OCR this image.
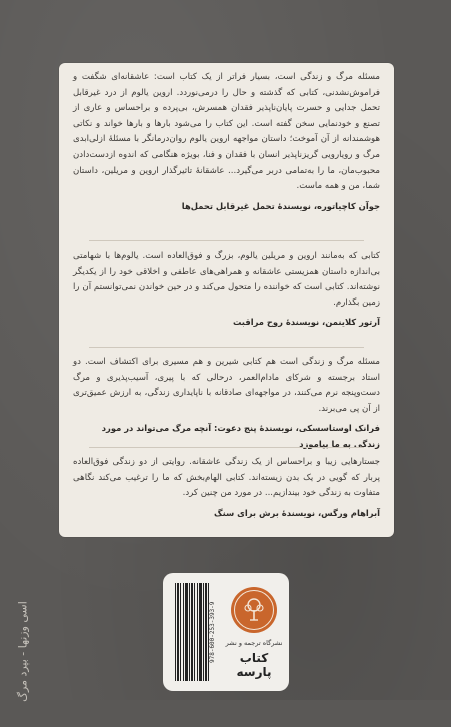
اسی وزنها - بپرد مرگ
مسئله مرگ و زندگی است، بسیار فراتر از یک کتاب است: عاشقانه‌ای شگفت و فراموش‌نشدنی، کتابی که گذشته و حال را درمی‌نوردد. اروین یالوم از درد غیرقابل تحمل جدایی و حسرت پایان‌ناپذیر فقدان همسرش، بی‌پرده و براحساس و عاری از تصنع و خودنمایی سخن گفته است. این کتاب را می‌شود بارها و بارها خواند و نکاتی هوشمندانه از آن آموخت؛ داستان مواجهه اروین یالوم روان‌درمانگر با مسئلهٔ ازلی‌ابدی مرگ و رویارویی گریزناپذیر انسان با فقدان و فنا، بویژه هنگامی که اندوه ازدست‌دادن محبوب‌مان، ما را به‌تمامی دربر می‌گیرد... عاشقانهٔ تاثیرگذار اروین و مریلین، داستان شما، من و همه ماست.
جوآن کاچیاتوره، نویسندهٔ تحمل غیرقابل تحمل‌ها
کتابی که به‌مانند اروین و مریلین یالوم، بزرگ و فوق‌العاده است. یالوم‌ها با شهامتی بی‌اندازه داستان همزیستی عاشقانه و همراهی‌های عاطفی و اخلاقی خود را از یکدیگر نوشته‌اند. کتابی است که خواننده را متحول می‌کند و در حین خواندن نمی‌توانستم آن را زمین بگذارم.
آرتور کلاینمن، نویسندهٔ روح مراقبت
مسئله مرگ و زندگی است هم کتابی شیرین و هم مسیری برای اکتشاف است. دو استاد برجسته و شرکای مادام‌العمر، درحالی که با پیری، آسیب‌پذیری و مرگ دست‌وپنجه نرم می‌کنند، در مواجهه‌ای صادقانه با ناپایداری زندگی، به ارزش عمیق‌تری از آن پی می‌برند.
فرانک اوستاسسکی، نویسندهٔ پنج دعوت: آنچه مرگ می‌تواند در مورد زندگی به ما بیاموزد
جستارهایی زیبا و براحساس از یک زندگی عاشقانه. روایتی از دو زندگی فوق‌العاده پربار که گویی در یک بدن زیسته‌اند. کتابی الهام‌بخش که ما را ترغیب می‌کند نگاهی متفاوت به زندگی خود بیندازیم... در مورد من چنین کرد.
آبراهام ورگس، نویسندهٔ برش برای سنگ
978-600-253-393-9	نشرگاه ترجمه و نشر
کتاب پارسه
